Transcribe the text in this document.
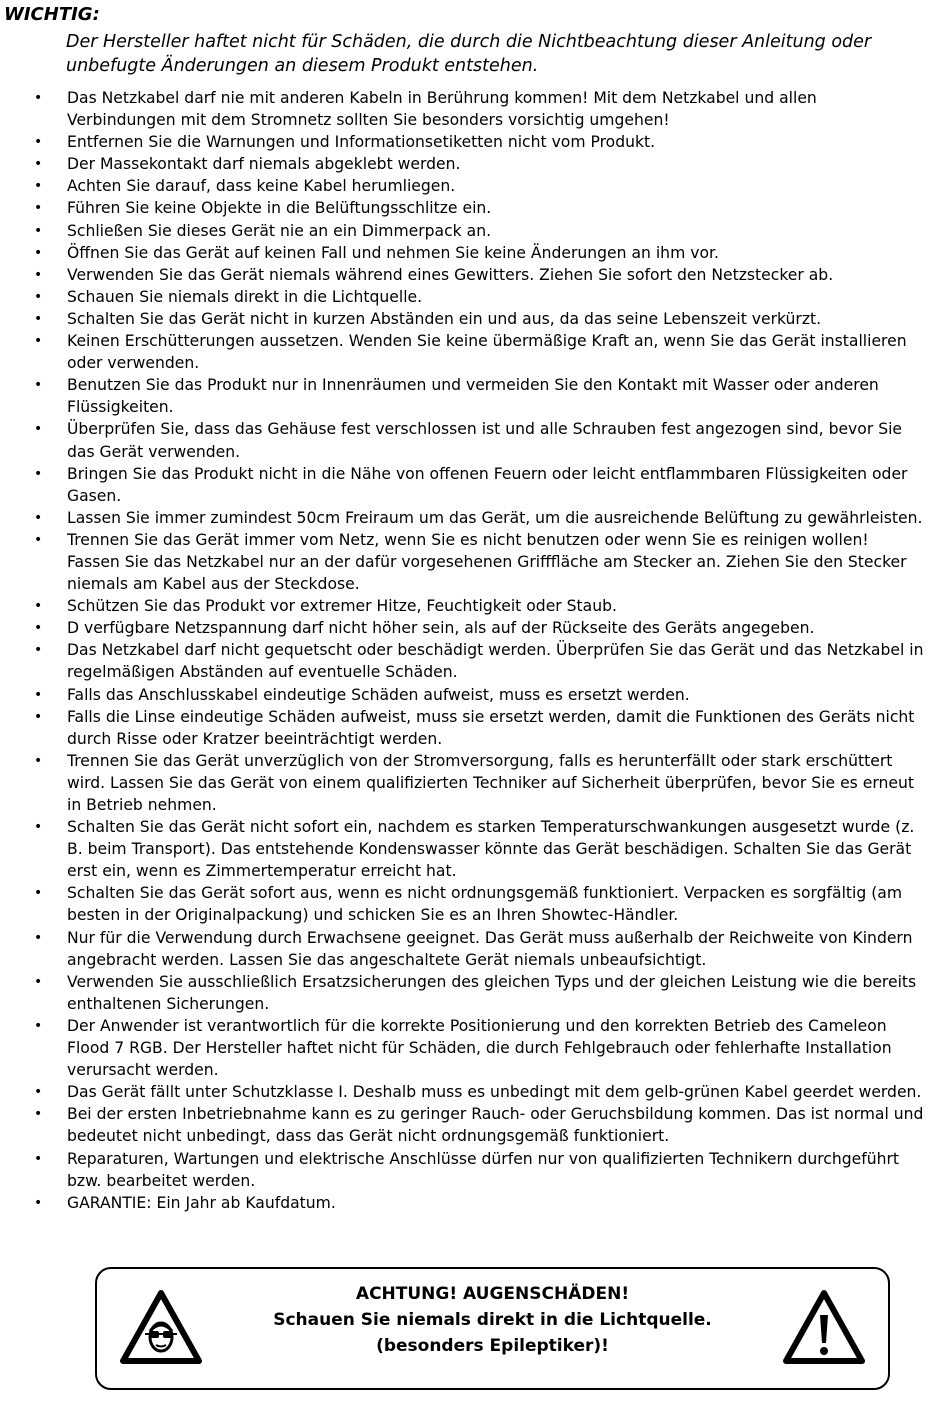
WICHTIG:
Der Hersteller haftet nicht für Schäden, die durch die Nichtbeachtung dieser Anleitung oder unbefugte Änderungen an diesem Produkt entstehen.
• Das Netzkabel darf nie mit anderen Kabeln in Berührung kommen! Mit dem Netzkabel und allen Verbindungen mit dem Stromnetz sollten Sie besonders vorsichtig umgehen!
• Entfernen Sie die Warnungen und Informationsetiketten nicht vom Produkt.
• Der Massekontakt darf niemals abgeklebt werden.
• Achten Sie darauf, dass keine Kabel herumliegen.
• Führen Sie keine Objekte in die Belüftungsschlitze ein.
• Schließen Sie dieses Gerät nie an ein Dimmerpack an.
• Öffnen Sie das Gerät auf keinen Fall und nehmen Sie keine Änderungen an ihm vor.
• Verwenden Sie das Gerät niemals während eines Gewitters. Ziehen Sie sofort den Netzstecker ab.
• Schauen Sie niemals direkt in die Lichtquelle.
• Schalten Sie das Gerät nicht in kurzen Abständen ein und aus, da das seine Lebenszeit verkürzt.
• Keinen Erschütterungen aussetzen. Wenden Sie keine übermäßige Kraft an, wenn Sie das Gerät installieren oder verwenden.
• Benutzen Sie das Produkt nur in Innenräumen und vermeiden Sie den Kontakt mit Wasser oder anderen Flüssigkeiten.
• Überprüfen Sie, dass das Gehäuse fest verschlossen ist und alle Schrauben fest angezogen sind, bevor Sie das Gerät verwenden.
• Bringen Sie das Produkt nicht in die Nähe von offenen Feuern oder leicht entflammbaren Flüssigkeiten oder Gasen.
• Lassen Sie immer zumindest 50cm Freiraum um das Gerät, um die ausreichende Belüftung zu gewährleisten.
• Trennen Sie das Gerät immer vom Netz, wenn Sie es nicht benutzen oder wenn Sie es reinigen wollen! Fassen Sie das Netzkabel nur an der dafür vorgesehenen Grifffläche am Stecker an. Ziehen Sie den Stecker niemals am Kabel aus der Steckdose.
• Schützen Sie das Produkt vor extremer Hitze, Feuchtigkeit oder Staub.
• D verfügbare Netzspannung darf nicht höher sein, als auf der Rückseite des Geräts angegeben.
• Das Netzkabel darf nicht gequetscht oder beschädigt werden. Überprüfen Sie das Gerät und das Netzkabel in regelmäßigen Abständen auf eventuelle Schäden.
• Falls das Anschlusskabel eindeutige Schäden aufweist, muss es ersetzt werden.
• Falls die Linse eindeutige Schäden aufweist, muss sie ersetzt werden, damit die Funktionen des Geräts nicht durch Risse oder Kratzer beeinträchtigt werden.
• Trennen Sie das Gerät unverzüglich von der Stromversorgung, falls es herunterfällt oder stark erschüttert wird. Lassen Sie das Gerät von einem qualifizierten Techniker auf Sicherheit überprüfen, bevor Sie es erneut in Betrieb nehmen.
• Schalten Sie das Gerät nicht sofort ein, nachdem es starken Temperaturschwankungen ausgesetzt wurde (z. B. beim Transport). Das entstehende Kondenswasser könnte das Gerät beschädigen. Schalten Sie das Gerät erst ein, wenn es Zimmertemperatur erreicht hat.
• Schalten Sie das Gerät sofort aus, wenn es nicht ordnungsgemäß funktioniert. Verpacken es sorgfältig (am besten in der Originalpackung) und schicken Sie es an Ihren Showtec-Händler.
• Nur für die Verwendung durch Erwachsene geeignet. Das Gerät muss außerhalb der Reichweite von Kindern angebracht werden. Lassen Sie das angeschaltete Gerät niemals unbeaufsichtigt.
• Verwenden Sie ausschließlich Ersatzsicherungen des gleichen Typs und der gleichen Leistung wie die bereits enthaltenen Sicherungen.
• Der Anwender ist verantwortlich für die korrekte Positionierung und den korrekten Betrieb des Cameleon Flood 7 RGB. Der Hersteller haftet nicht für Schäden, die durch Fehlgebrauch oder fehlerhafte Installation verursacht werden.
• Das Gerät fällt unter Schutzklasse I. Deshalb muss es unbedingt mit dem gelb-grünen Kabel geerdet werden.
• Bei der ersten Inbetriebnahme kann es zu geringer Rauch- oder Geruchsbildung kommen. Das ist normal und bedeutet nicht unbedingt, dass das Gerät nicht ordnungsgemäß funktioniert.
• Reparaturen, Wartungen und elektrische Anschlüsse dürfen nur von qualifizierten Technikern durchgeführt bzw. bearbeitet werden.
• GARANTIE: Ein Jahr ab Kaufdatum.
ACHTUNG! AUGENSCHÄDEN!
Schauen Sie niemals direkt in die Lichtquelle.
(besonders Epileptiker)!
